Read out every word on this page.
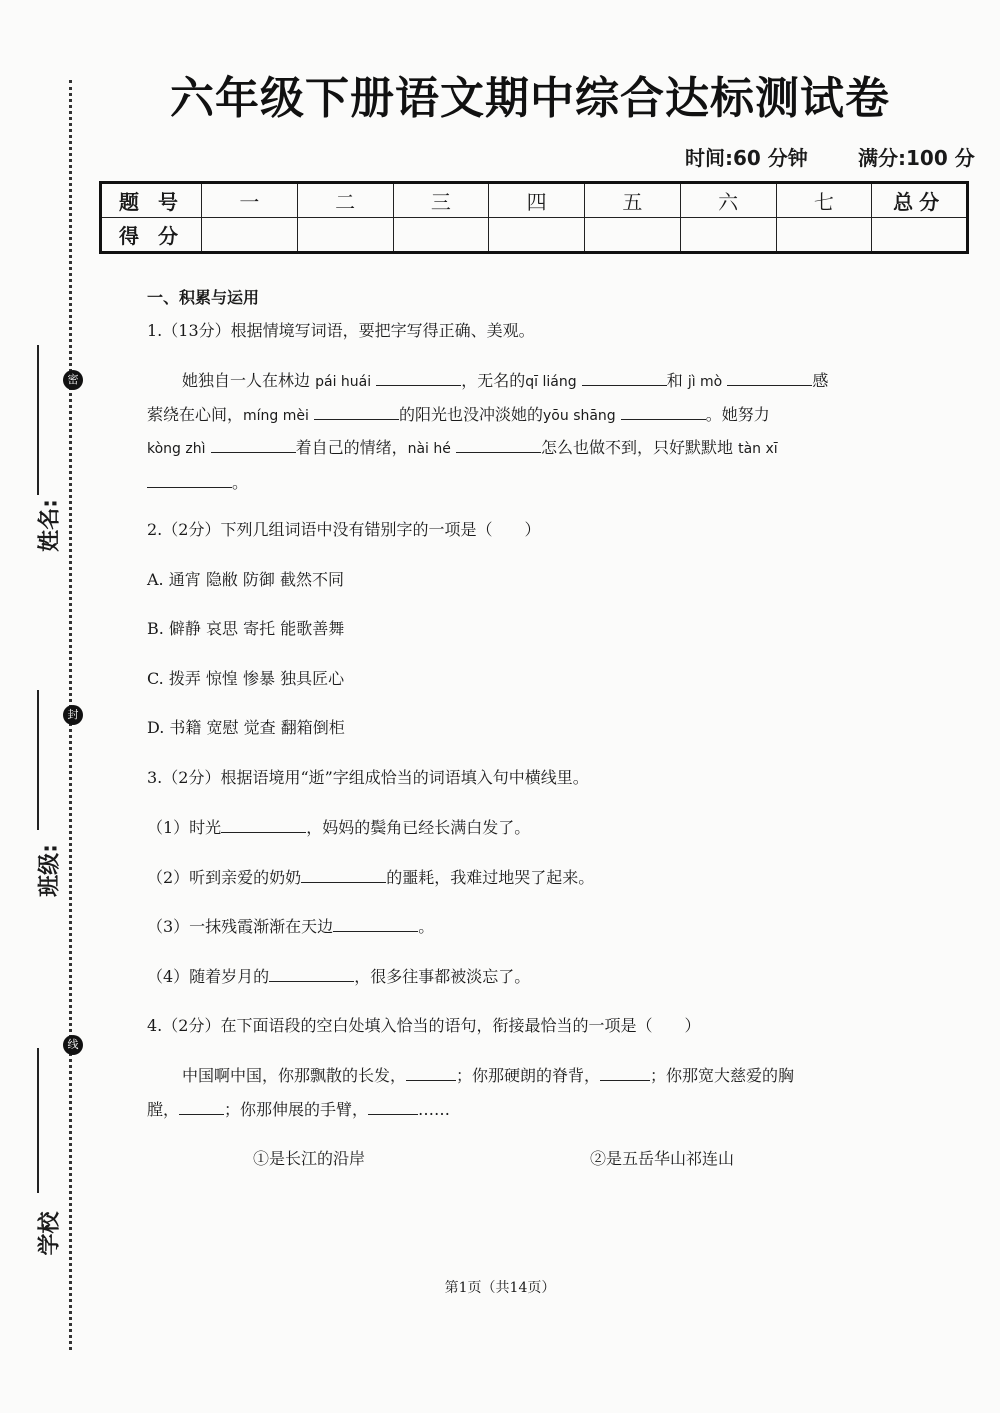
六年级下册语文期中综合达标测试卷
时间:60 分钟	满分:100 分
题 号	一	二	三	四	五	六	七	总分
得 分								
姓名:
班级:
学校
密
封
线
一、积累与运用
1.（13分）根据情境写词语，要把字写得正确、美观。
她独自一人在林边 pái huái	，无名的qī liáng	和 jì mò	感
萦绕在心间，míng mèi	的阳光也没冲淡她的yōu shāng	。她努力
kòng zhì	着自己的情绪，nài hé	怎么也做不到，只好默默地 tàn xī
。
2.（2分）下列几组词语中没有错别字的一项是（　　）
A. 通宵 隐敝 防御 截然不同
B. 僻静 哀思 寄托 能歌善舞
C. 拨弄 惊惶 惨暴 独具匠心
D. 书籍 宽慰 觉查 翻箱倒柜
3.（2分）根据语境用“逝”字组成恰当的词语填入句中横线里。
（1）时光	，妈妈的鬓角已经长满白发了。
（2）听到亲爱的奶奶	的噩耗，我难过地哭了起来。
（3）一抹残霞渐渐在天边	。
（4）随着岁月的	，很多往事都被淡忘了。
4.（2分）在下面语段的空白处填入恰当的语句，衔接最恰当的一项是（　　）
中国啊中国，你那飘散的长发，	；你那硬朗的脊背，	；你那宽大慈爱的胸
膛，	；你那伸展的手臂，	……
①是长江的沿岸	②是五岳华山祁连山
第1页（共14页）
